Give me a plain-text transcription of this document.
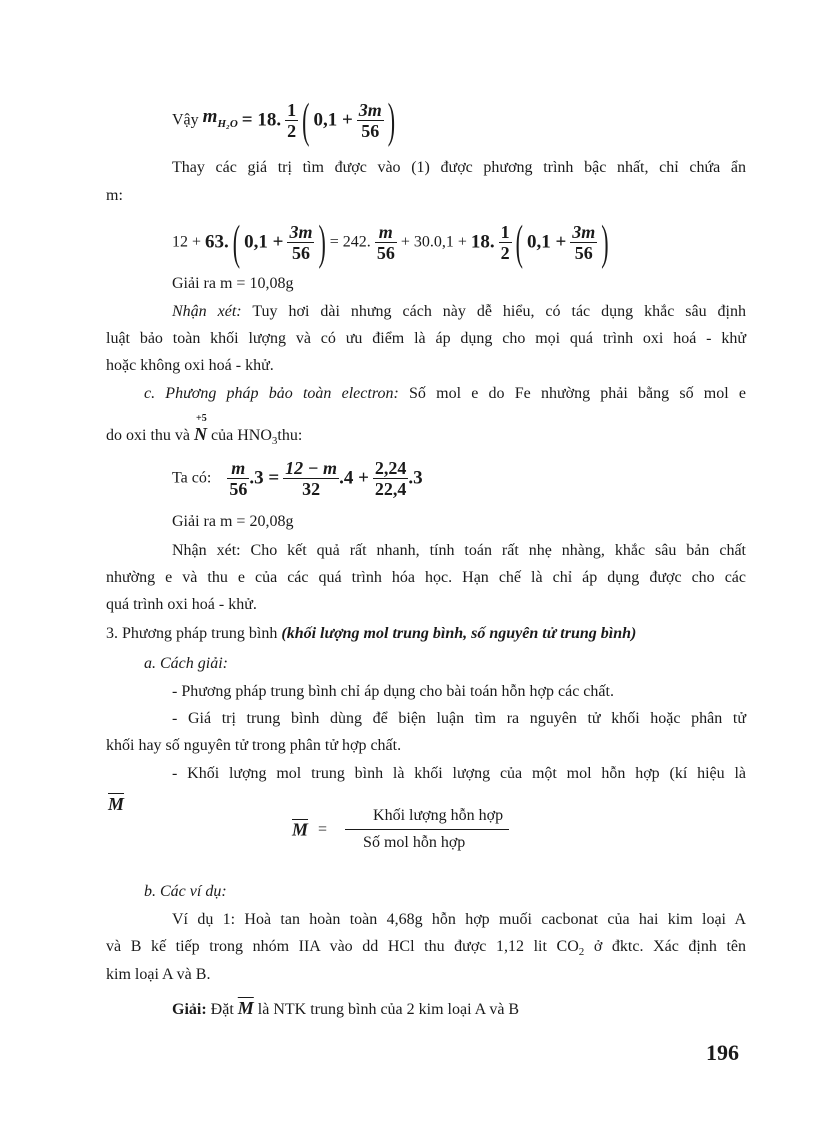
Vậy $m_{H_2O} = 18$. $\frac{1}{2}$ ( $0,1 + \frac{3m}{56}$ )
Thay các giá trị tìm được vào (1) được phương trình bậc nhất, chỉ chứa ẩn
m:
12 + 63. ( $0,1 + \frac{3m}{56}$ ) = 242. $\frac{m}{56} + 30.0,1 + 18$. $\frac{1}{2}$ ( $0,1 + \frac{3m}{56}$ )
Giải ra m = 10,08g
Nhận xét: Tuy hơi dài nhưng cách này dễ hiểu, có tác dụng khắc sâu định
luật bảo toàn khối lượng và có ưu điểm là áp dụng cho mọi quá trình oxi hoá - khử
hoặc không oxi hoá - khử.
c. Phương pháp bảo toàn electron: Số mol e do Fe nhường phải bằng số mol e
do oxi thu và
+5
N của $HNO_3thu$:
Ta có: $\frac{m}{56} .3 = \frac{12 - m}{32} .4 + \frac{2,24}{22,4} .3$
Giải ra m = 20,08g
Nhận xét: Cho kết quả rất nhanh, tính toán rất nhẹ nhàng, khắc sâu bản chất
nhường e và thu e của các quá trình hóa học. Hạn chế là chỉ áp dụng được cho các
quá trình oxi hoá - khử.
3. Phương pháp trung bình (khối lượng mol trung bình, số nguyên tử trung bình)
a. Cách giải:
- Phương pháp trung bình chỉ áp dụng cho bài toán hỗn hợp các chất.
- Giá trị trung bình dùng để biện luận tìm ra nguyên tử khối hoặc phân tử
khối hay số nguyên tử trong phân tử hợp chất.
- Khối lượng mol trung bình là khối lượng của một mol hỗn hợp (kí hiệu là
$\overline{M}$
$\overline{M} = \frac{\text{Khối lượng hỗn hợp}}{\text{Số mol hỗn hợp}}$
b. Các ví dụ:
Ví dụ 1: Hoà tan hoàn toàn 4,68g hỗn hợp muối cacbonat của hai kim loại A
và B kế tiếp trong nhóm IIA vào dd HCl thu được 1,12 lit $CO_2$ ở đktc. Xác định tên
kim loại A và B.
Giải: Đặt $\overline{M}$ là NTK trung bình của 2 kim loại A và B
196
